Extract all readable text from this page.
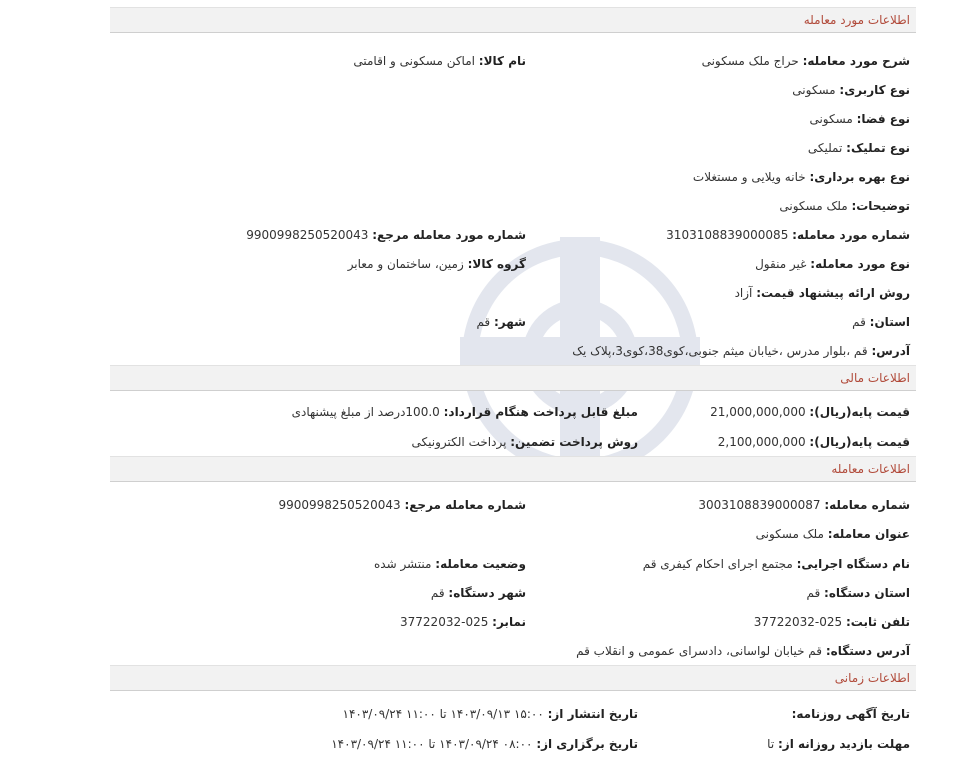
اطلاعات مورد معامله
شرح مورد معامله: حراج ملک مسکونی
نام کالا: اماکن مسکونی و اقامتی
نوع کاربری: مسکونی
نوع فضا: مسکونی
نوع تملیک: تملیکی
نوع بهره برداری: خانه ویلایی و مستغلات
توضیحات: ملک مسکونی
شماره مورد معامله: 3103108839000085
شماره مورد معامله مرجع: 9900998250520043
نوع مورد معامله: غیر منقول
گروه کالا: زمین، ساختمان و معابر
روش ارائه پیشنهاد قیمت: آزاد
استان: قم
شهر: قم
آدرس: قم ،بلوار مدرس ،خیابان میثم جنوبی،کوی38،کوی3،پلاک یک
اطلاعات مالی
قیمت پایه(ریال): 21,000,000,000
مبلغ قابل پرداخت هنگام قرارداد: 100.0درصد از مبلغ پیشنهادی
قیمت پایه(ریال): 2,100,000,000
روش پرداخت تضمین: پرداخت الکترونیکی
اطلاعات معامله
شماره معامله: 3003108839000087
شماره معامله مرجع: 9900998250520043
عنوان معامله: ملک مسکونی
نام دستگاه اجرایی: مجتمع اجرای احکام کیفری قم
وضعیت معامله: منتشر شده
استان دستگاه: قم
شهر دستگاه: قم
تلفن ثابت: 025-37722032
نمابر: 025-37722032
آدرس دستگاه: قم خیابان لواسانی، دادسرای عمومی و انقلاب قم
اطلاعات زمانی
تاریخ آگهی روزنامه:
تاریخ انتشار از: ۱۵:۰۰ ۱۴۰۳/۰۹/۱۳ تا ۱۱:۰۰ ۱۴۰۳/۰۹/۲۴
مهلت بازدید روزانه از: تا
تاریخ برگزاری از: ۰۸:۰۰ ۱۴۰۳/۰۹/۲۴ تا ۱۱:۰۰ ۱۴۰۳/۰۹/۲۴
